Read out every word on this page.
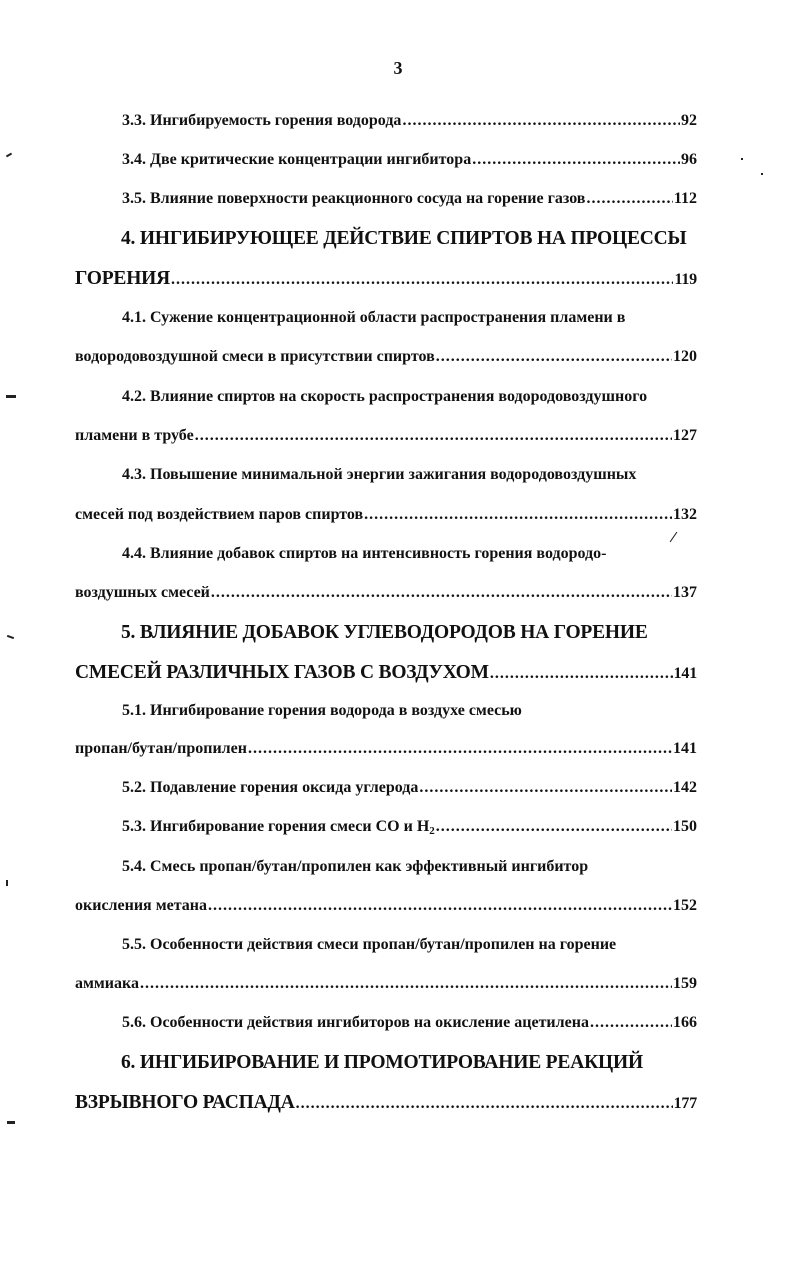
3
3.3. Ингибируемость горения водорода .....	92
3.4. Две критические концентрации ингибитора .....	96
3.5. Влияние поверхности реакционного сосуда на горение газов .....	112
4. ИНГИБИРУЮЩЕЕ ДЕЙСТВИЕ СПИРТОВ НА ПРОЦЕССЫ
ГОРЕНИЯ .....	119
4.1. Сужение концентрационной области распространения пламени в
водородовоздушной смеси в присутствии спиртов .....	120
4.2. Влияние спиртов на скорость распространения водородовоздушного
пламени в трубе .....	127
4.3. Повышение минимальной энергии зажигания водородовоздушных
смесей под воздействием паров спиртов .....	132
4.4. Влияние добавок спиртов на интенсивность горения водородо-
воздушных смесей .....	137
5. ВЛИЯНИЕ ДОБАВОК УГЛЕВОДОРОДОВ НА ГОРЕНИЕ
СМЕСЕЙ РАЗЛИЧНЫХ ГАЗОВ С ВОЗДУХОМ .....	141
5.1. Ингибирование горения водорода в воздухе смесью
пропан/бутан/пропилен .....	141
5.2. Подавление горения оксида углерода .....	142
5.3. Ингибирование горения смеси CO и $H_2$ .....	150
5.4. Смесь пропан/бутан/пропилен как эффективный ингибитор
окисления метана .....	152
5.5. Особенности действия смеси пропан/бутан/пропилен на горение
аммиака .....	159
5.6. Особенности действия ингибиторов на окисление ацетилена .....	166
6. ИНГИБИРОВАНИЕ И ПРОМОТИРОВАНИЕ РЕАКЦИЙ
ВЗРЫВНОГО РАСПАДА .....	177
